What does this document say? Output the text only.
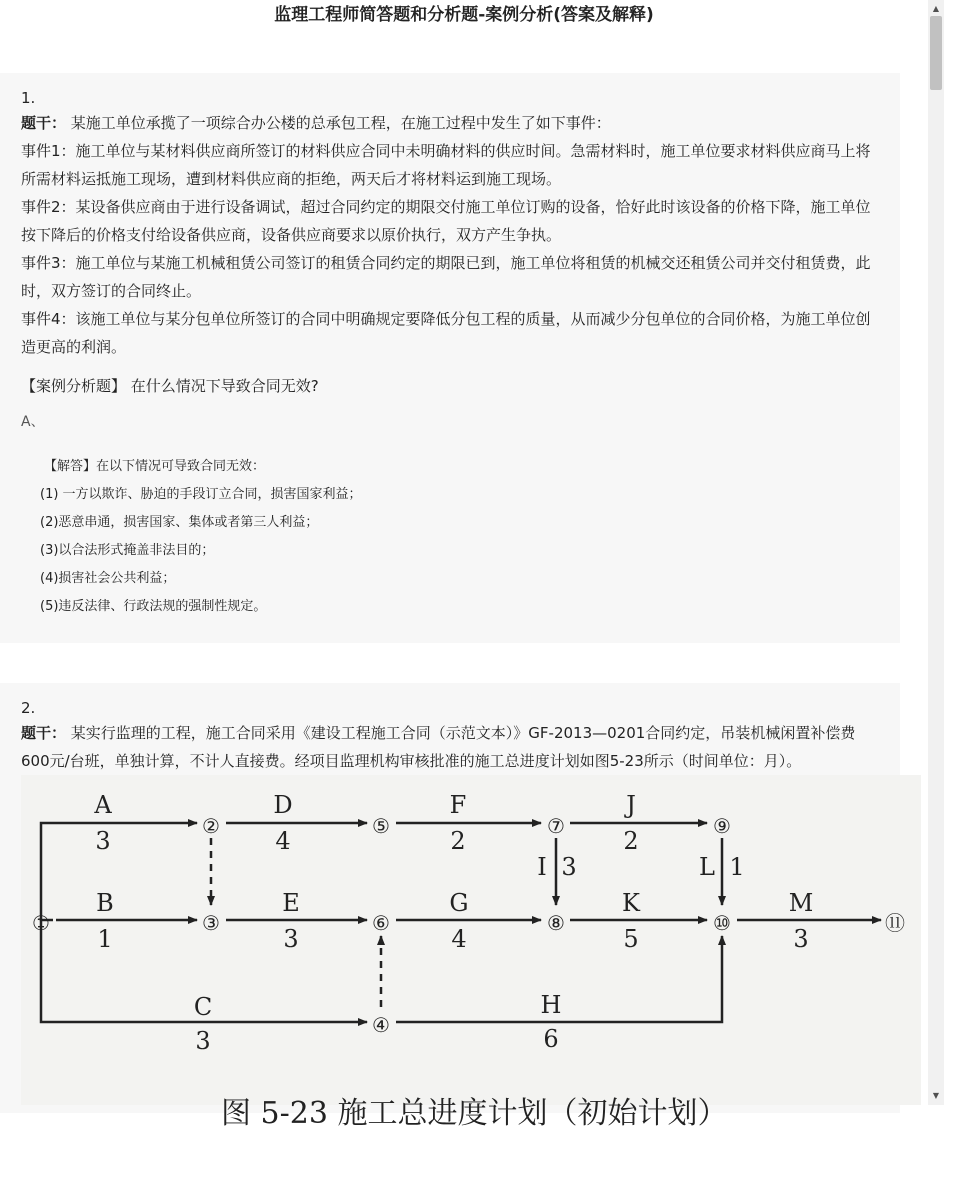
监理工程师简答题和分析题-案例分析(答案及解释)
1.
题干： 某施工单位承揽了一项综合办公楼的总承包工程，在施工过程中发生了如下事件：
事件1：施工单位与某材料供应商所签订的材料供应合同中未明确材料的供应时间。急需材料时，施工单位要求材料供应商马上将所需材料运抵施工现场，遭到材料供应商的拒绝，两天后才将材料运到施工现场。
事件2：某设备供应商由于进行设备调试，超过合同约定的期限交付施工单位订购的设备，恰好此时该设备的价格下降，施工单位按下降后的价格支付给设备供应商，设备供应商要求以原价执行，双方产生争执。
事件3：施工单位与某施工机械租赁公司签订的租赁合同约定的期限已到，施工单位将租赁的机械交还租赁公司并交付租赁费，此时，双方签订的合同终止。
事件4：该施工单位与某分包单位所签订的合同中明确规定要降低分包工程的质量，从而减少分包单位的合同价格，为施工单位创造更高的利润。
【案例分析题】 在什么情况下导致合同无效?
A、
【解答】在以下情况可导致合同无效：
(1) 一方以欺诈、胁迫的手段订立合同，损害国家利益；
(2)恶意串通，损害国家、集体或者第三人利益；
(3)以合法形式掩盖非法目的；
(4)损害社会公共利益；
(5)违反法律、行政法规的强制性规定。
2.
题干： 某实行监理的工程，施工合同采用《建设工程施工合同（示范文本）》GF-2013—0201合同约定，吊装机械闲置补偿费600元/台班，单独计算，不计人直接费。经项目监理机构审核批准的施工总进度计划如图5-23所示（时间单位：月）。
①
②
③
④
⑤
⑥
⑦
⑧
⑨
⑩	⑪
A
3
D
4
F
2
J
2
I 3	L 1
B
1
E
3
G
4
K
5
M
3
C
3
H
6
图 5-23 施工总进度计划（初始计划）
▲
▼
